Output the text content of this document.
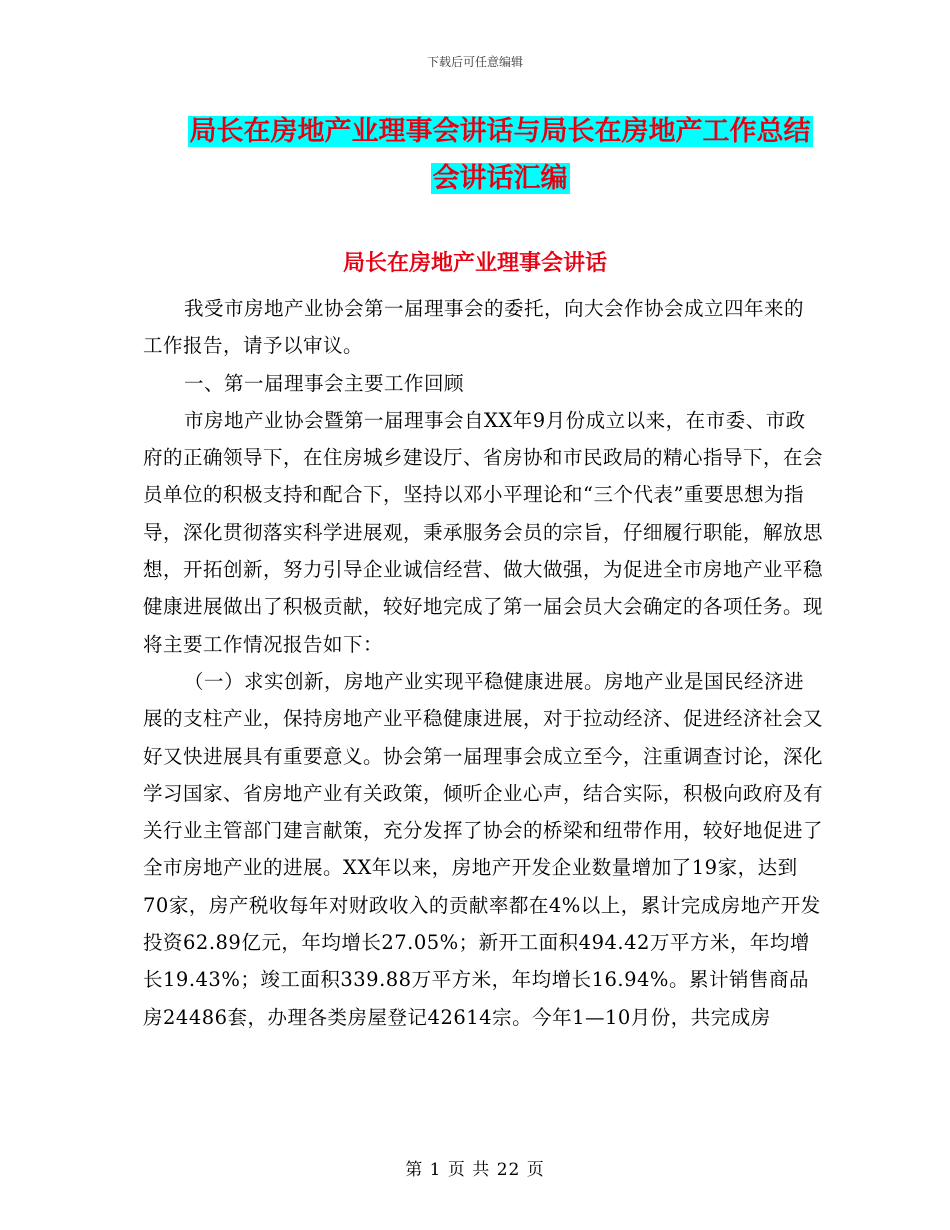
下载后可任意编辑
局长在房地产业理事会讲话与局长在房地产工作总结
会讲话汇编
局长在房地产业理事会讲话

我受市房地产业协会第一届理事会的委托，向大会作协会成立四年来的工作报告，请予以审议。

一、第一届理事会主要工作回顾

市房地产业协会暨第一届理事会自XX年9月份成立以来，在市委、市政府的正确领导下，在住房城乡建设厅、省房协和市民政局的精心指导下，在会员单位的积极支持和配合下，坚持以邓小平理论和“三个代表”重要思想为指导，深化贯彻落实科学进展观，秉承服务会员的宗旨，仔细履行职能，解放思想，开拓创新，努力引导企业诚信经营、做大做强，为促进全市房地产业平稳健康进展做出了积极贡献，较好地完成了第一届会员大会确定的各项任务。现将主要工作情况报告如下：

（一）求实创新，房地产业实现平稳健康进展。房地产业是国民经济进展的支柱产业，保持房地产业平稳健康进展，对于拉动经济、促进经济社会又好又快进展具有重要意义。协会第一届理事会成立至今，注重调查讨论，深化学习国家、省房地产业有关政策，倾听企业心声，结合实际，积极向政府及有关行业主管部门建言献策，充分发挥了协会的桥梁和纽带作用，较好地促进了全市房地产业的进展。XX年以来，房地产开发企业数量增加了19家，达到70家，房产税收每年对财政收入的贡献率都在4%以上，累计完成房地产开发投资62.89亿元，年均增长27.05%；新开工面积494.42万平方米，年均增长19.43%；竣工面积339.88万平方米，年均增长16.94%。累计销售商品房24486套，办理各类房屋登记42614宗。今年1—10月份，共完成房

第 1 页 共 22 页
